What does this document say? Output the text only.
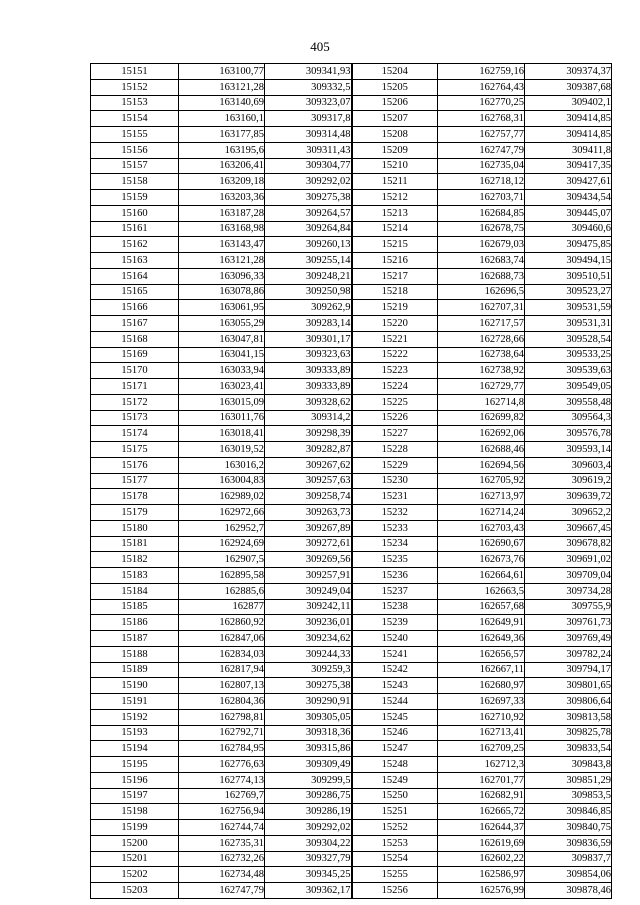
405
15151	163100,77	309341,93	15204	162759,16	309374,37
15152	163121,28	309332,5	15205	162764,43	309387,68
15153	163140,69	309323,07	15206	162770,25	309402,1
15154	163160,1	309317,8	15207	162768,31	309414,85
15155	163177,85	309314,48	15208	162757,77	309414,85
15156	163195,6	309311,43	15209	162747,79	309411,8
15157	163206,41	309304,77	15210	162735,04	309417,35
15158	163209,18	309292,02	15211	162718,12	309427,61
15159	163203,36	309275,38	15212	162703,71	309434,54
15160	163187,28	309264,57	15213	162684,85	309445,07
15161	163168,98	309264,84	15214	162678,75	309460,6
15162	163143,47	309260,13	15215	162679,03	309475,85
15163	163121,28	309255,14	15216	162683,74	309494,15
15164	163096,33	309248,21	15217	162688,73	309510,51
15165	163078,86	309250,98	15218	162696,5	309523,27
15166	163061,95	309262,9	15219	162707,31	309531,59
15167	163055,29	309283,14	15220	162717,57	309531,31
15168	163047,81	309301,17	15221	162728,66	309528,54
15169	163041,15	309323,63	15222	162738,64	309533,25
15170	163033,94	309333,89	15223	162738,92	309539,63
15171	163023,41	309333,89	15224	162729,77	309549,05
15172	163015,09	309328,62	15225	162714,8	309558,48
15173	163011,76	309314,2	15226	162699,82	309564,3
15174	163018,41	309298,39	15227	162692,06	309576,78
15175	163019,52	309282,87	15228	162688,46	309593,14
15176	163016,2	309267,62	15229	162694,56	309603,4
15177	163004,83	309257,63	15230	162705,92	309619,2
15178	162989,02	309258,74	15231	162713,97	309639,72
15179	162972,66	309263,73	15232	162714,24	309652,2
15180	162952,7	309267,89	15233	162703,43	309667,45
15181	162924,69	309272,61	15234	162690,67	309678,82
15182	162907,5	309269,56	15235	162673,76	309691,02
15183	162895,58	309257,91	15236	162664,61	309709,04
15184	162885,6	309249,04	15237	162663,5	309734,28
15185	162877	309242,11	15238	162657,68	309755,9
15186	162860,92	309236,01	15239	162649,91	309761,73
15187	162847,06	309234,62	15240	162649,36	309769,49
15188	162834,03	309244,33	15241	162656,57	309782,24
15189	162817,94	309259,3	15242	162667,11	309794,17
15190	162807,13	309275,38	15243	162680,97	309801,65
15191	162804,36	309290,91	15244	162697,33	309806,64
15192	162798,81	309305,05	15245	162710,92	309813,58
15193	162792,71	309318,36	15246	162713,41	309825,78
15194	162784,95	309315,86	15247	162709,25	309833,54
15195	162776,63	309309,49	15248	162712,3	309843,8
15196	162774,13	309299,5	15249	162701,77	309851,29
15197	162769,7	309286,75	15250	162682,91	309853,5
15198	162756,94	309286,19	15251	162665,72	309846,85
15199	162744,74	309292,02	15252	162644,37	309840,75
15200	162735,31	309304,22	15253	162619,69	309836,59
15201	162732,26	309327,79	15254	162602,22	309837,7
15202	162734,48	309345,25	15255	162586,97	309854,06
15203	162747,79	309362,17	15256	162576,99	309878,46
